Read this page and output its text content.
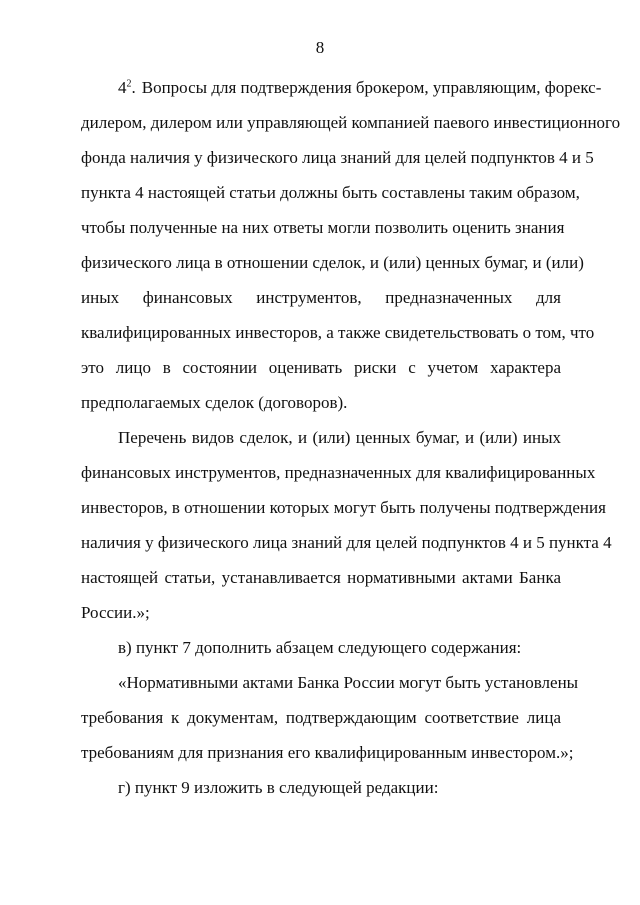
8
$4^2$. Вопросы для подтверждения брокером, управляющим, форекс-
дилером, дилером или управляющей компанией паевого инвестиционного
фонда наличия у физического лица знаний для целей подпунктов 4 и 5
пункта 4 настоящей статьи должны быть составлены таким образом,
чтобы полученные на них ответы могли позволить оценить знания
физического лица в отношении сделок, и (или) ценных бумаг, и (или)
иных финансовых инструментов, предназначенных для
квалифицированных инвесторов, а также свидетельствовать о том, что
это лицо в состоянии оценивать риски с учетом характера
предполагаемых сделок (договоров).
Перечень видов сделок, и (или) ценных бумаг, и (или) иных
финансовых инструментов, предназначенных для квалифицированных
инвесторов, в отношении которых могут быть получены подтверждения
наличия у физического лица знаний для целей подпунктов 4 и 5 пункта 4
настоящей статьи, устанавливается нормативными актами Банка
России.»;
в) пункт 7 дополнить абзацем следующего содержания:
«Нормативными актами Банка России могут быть установлены
требования к документам, подтверждающим соответствие лица
требованиям для признания его квалифицированным инвестором.»;
г) пункт 9 изложить в следующей редакции:
